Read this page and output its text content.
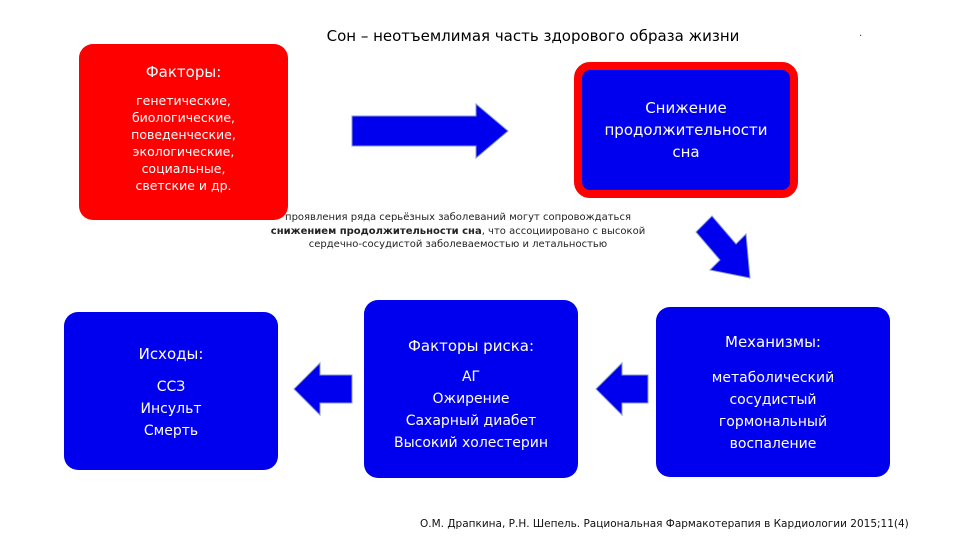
Сон – неотъемлимая часть здорового образа жизни	.
Факторы:
генетические,
биологические,
поведенческие,
экологические,
социальные,
светские и др.
Снижение
продолжительности
сна
проявления ряда серьёзных заболеваний могут сопровождаться снижением продолжительности сна, что ассоциировано с высокой сердечно-сосудистой заболеваемостью и летальностью
Исходы:
ССЗ
Инсульт
Смерть
Факторы риска:
АГ
Ожирение
Сахарный диабет
Высокий холестерин
Механизмы:
метаболический
сосудистый
гормональный
воспаление
О.М. Драпкина, Р.Н. Шепель. Рациональная Фармакотерапия в Кардиологии 2015;11(4)
